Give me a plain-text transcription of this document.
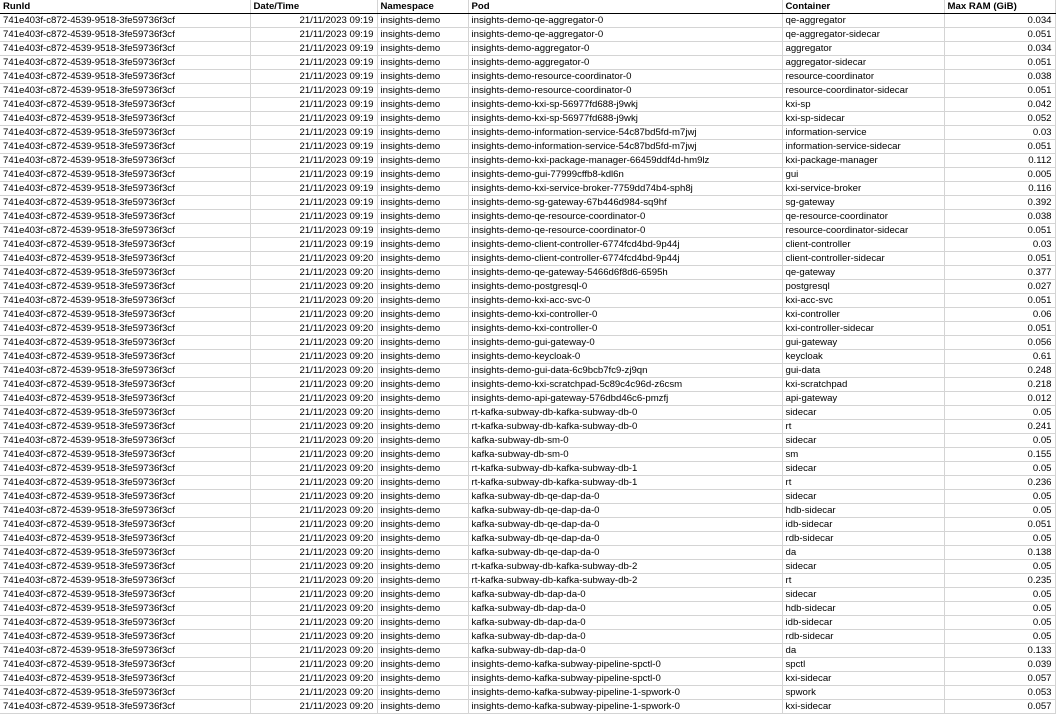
RunId	Date/Time	Namespace	Pod	Container	Max RAM (GiB)
741e403f-c872-4539-9518-3fe59736f3cf	21/11/2023 09:19	insights-demo	insights-demo-qe-aggregator-0	qe-aggregator	0.034
741e403f-c872-4539-9518-3fe59736f3cf	21/11/2023 09:19	insights-demo	insights-demo-qe-aggregator-0	qe-aggregator-sidecar	0.051
741e403f-c872-4539-9518-3fe59736f3cf	21/11/2023 09:19	insights-demo	insights-demo-aggregator-0	aggregator	0.034
741e403f-c872-4539-9518-3fe59736f3cf	21/11/2023 09:19	insights-demo	insights-demo-aggregator-0	aggregator-sidecar	0.051
741e403f-c872-4539-9518-3fe59736f3cf	21/11/2023 09:19	insights-demo	insights-demo-resource-coordinator-0	resource-coordinator	0.038
741e403f-c872-4539-9518-3fe59736f3cf	21/11/2023 09:19	insights-demo	insights-demo-resource-coordinator-0	resource-coordinator-sidecar	0.051
741e403f-c872-4539-9518-3fe59736f3cf	21/11/2023 09:19	insights-demo	insights-demo-kxi-sp-56977fd688-j9wkj	kxi-sp	0.042
741e403f-c872-4539-9518-3fe59736f3cf	21/11/2023 09:19	insights-demo	insights-demo-kxi-sp-56977fd688-j9wkj	kxi-sp-sidecar	0.052
741e403f-c872-4539-9518-3fe59736f3cf	21/11/2023 09:19	insights-demo	insights-demo-information-service-54c87bd5fd-m7jwj	information-service	0.03
741e403f-c872-4539-9518-3fe59736f3cf	21/11/2023 09:19	insights-demo	insights-demo-information-service-54c87bd5fd-m7jwj	information-service-sidecar	0.051
741e403f-c872-4539-9518-3fe59736f3cf	21/11/2023 09:19	insights-demo	insights-demo-kxi-package-manager-66459ddf4d-hm9lz	kxi-package-manager	0.112
741e403f-c872-4539-9518-3fe59736f3cf	21/11/2023 09:19	insights-demo	insights-demo-gui-77999cffb8-kdl6n	gui	0.005
741e403f-c872-4539-9518-3fe59736f3cf	21/11/2023 09:19	insights-demo	insights-demo-kxi-service-broker-7759dd74b4-sph8j	kxi-service-broker	0.116
741e403f-c872-4539-9518-3fe59736f3cf	21/11/2023 09:19	insights-demo	insights-demo-sg-gateway-67b446d984-sq9hf	sg-gateway	0.392
741e403f-c872-4539-9518-3fe59736f3cf	21/11/2023 09:19	insights-demo	insights-demo-qe-resource-coordinator-0	qe-resource-coordinator	0.038
741e403f-c872-4539-9518-3fe59736f3cf	21/11/2023 09:19	insights-demo	insights-demo-qe-resource-coordinator-0	resource-coordinator-sidecar	0.051
741e403f-c872-4539-9518-3fe59736f3cf	21/11/2023 09:19	insights-demo	insights-demo-client-controller-6774fcd4bd-9p44j	client-controller	0.03
741e403f-c872-4539-9518-3fe59736f3cf	21/11/2023 09:20	insights-demo	insights-demo-client-controller-6774fcd4bd-9p44j	client-controller-sidecar	0.051
741e403f-c872-4539-9518-3fe59736f3cf	21/11/2023 09:20	insights-demo	insights-demo-qe-gateway-5466d6f8d6-6595h	qe-gateway	0.377
741e403f-c872-4539-9518-3fe59736f3cf	21/11/2023 09:20	insights-demo	insights-demo-postgresql-0	postgresql	0.027
741e403f-c872-4539-9518-3fe59736f3cf	21/11/2023 09:20	insights-demo	insights-demo-kxi-acc-svc-0	kxi-acc-svc	0.051
741e403f-c872-4539-9518-3fe59736f3cf	21/11/2023 09:20	insights-demo	insights-demo-kxi-controller-0	kxi-controller	0.06
741e403f-c872-4539-9518-3fe59736f3cf	21/11/2023 09:20	insights-demo	insights-demo-kxi-controller-0	kxi-controller-sidecar	0.051
741e403f-c872-4539-9518-3fe59736f3cf	21/11/2023 09:20	insights-demo	insights-demo-gui-gateway-0	gui-gateway	0.056
741e403f-c872-4539-9518-3fe59736f3cf	21/11/2023 09:20	insights-demo	insights-demo-keycloak-0	keycloak	0.61
741e403f-c872-4539-9518-3fe59736f3cf	21/11/2023 09:20	insights-demo	insights-demo-gui-data-6c9bcb7fc9-zj9qn	gui-data	0.248
741e403f-c872-4539-9518-3fe59736f3cf	21/11/2023 09:20	insights-demo	insights-demo-kxi-scratchpad-5c89c4c96d-z6csm	kxi-scratchpad	0.218
741e403f-c872-4539-9518-3fe59736f3cf	21/11/2023 09:20	insights-demo	insights-demo-api-gateway-576dbd46c6-pmzfj	api-gateway	0.012
741e403f-c872-4539-9518-3fe59736f3cf	21/11/2023 09:20	insights-demo	rt-kafka-subway-db-kafka-subway-db-0	sidecar	0.05
741e403f-c872-4539-9518-3fe59736f3cf	21/11/2023 09:20	insights-demo	rt-kafka-subway-db-kafka-subway-db-0	rt	0.241
741e403f-c872-4539-9518-3fe59736f3cf	21/11/2023 09:20	insights-demo	kafka-subway-db-sm-0	sidecar	0.05
741e403f-c872-4539-9518-3fe59736f3cf	21/11/2023 09:20	insights-demo	kafka-subway-db-sm-0	sm	0.155
741e403f-c872-4539-9518-3fe59736f3cf	21/11/2023 09:20	insights-demo	rt-kafka-subway-db-kafka-subway-db-1	sidecar	0.05
741e403f-c872-4539-9518-3fe59736f3cf	21/11/2023 09:20	insights-demo	rt-kafka-subway-db-kafka-subway-db-1	rt	0.236
741e403f-c872-4539-9518-3fe59736f3cf	21/11/2023 09:20	insights-demo	kafka-subway-db-qe-dap-da-0	sidecar	0.05
741e403f-c872-4539-9518-3fe59736f3cf	21/11/2023 09:20	insights-demo	kafka-subway-db-qe-dap-da-0	hdb-sidecar	0.05
741e403f-c872-4539-9518-3fe59736f3cf	21/11/2023 09:20	insights-demo	kafka-subway-db-qe-dap-da-0	idb-sidecar	0.051
741e403f-c872-4539-9518-3fe59736f3cf	21/11/2023 09:20	insights-demo	kafka-subway-db-qe-dap-da-0	rdb-sidecar	0.05
741e403f-c872-4539-9518-3fe59736f3cf	21/11/2023 09:20	insights-demo	kafka-subway-db-qe-dap-da-0	da	0.138
741e403f-c872-4539-9518-3fe59736f3cf	21/11/2023 09:20	insights-demo	rt-kafka-subway-db-kafka-subway-db-2	sidecar	0.05
741e403f-c872-4539-9518-3fe59736f3cf	21/11/2023 09:20	insights-demo	rt-kafka-subway-db-kafka-subway-db-2	rt	0.235
741e403f-c872-4539-9518-3fe59736f3cf	21/11/2023 09:20	insights-demo	kafka-subway-db-dap-da-0	sidecar	0.05
741e403f-c872-4539-9518-3fe59736f3cf	21/11/2023 09:20	insights-demo	kafka-subway-db-dap-da-0	hdb-sidecar	0.05
741e403f-c872-4539-9518-3fe59736f3cf	21/11/2023 09:20	insights-demo	kafka-subway-db-dap-da-0	idb-sidecar	0.05
741e403f-c872-4539-9518-3fe59736f3cf	21/11/2023 09:20	insights-demo	kafka-subway-db-dap-da-0	rdb-sidecar	0.05
741e403f-c872-4539-9518-3fe59736f3cf	21/11/2023 09:20	insights-demo	kafka-subway-db-dap-da-0	da	0.133
741e403f-c872-4539-9518-3fe59736f3cf	21/11/2023 09:20	insights-demo	insights-demo-kafka-subway-pipeline-spctl-0	spctl	0.039
741e403f-c872-4539-9518-3fe59736f3cf	21/11/2023 09:20	insights-demo	insights-demo-kafka-subway-pipeline-spctl-0	kxi-sidecar	0.057
741e403f-c872-4539-9518-3fe59736f3cf	21/11/2023 09:20	insights-demo	insights-demo-kafka-subway-pipeline-1-spwork-0	spwork	0.053
741e403f-c872-4539-9518-3fe59736f3cf	21/11/2023 09:20	insights-demo	insights-demo-kafka-subway-pipeline-1-spwork-0	kxi-sidecar	0.057
